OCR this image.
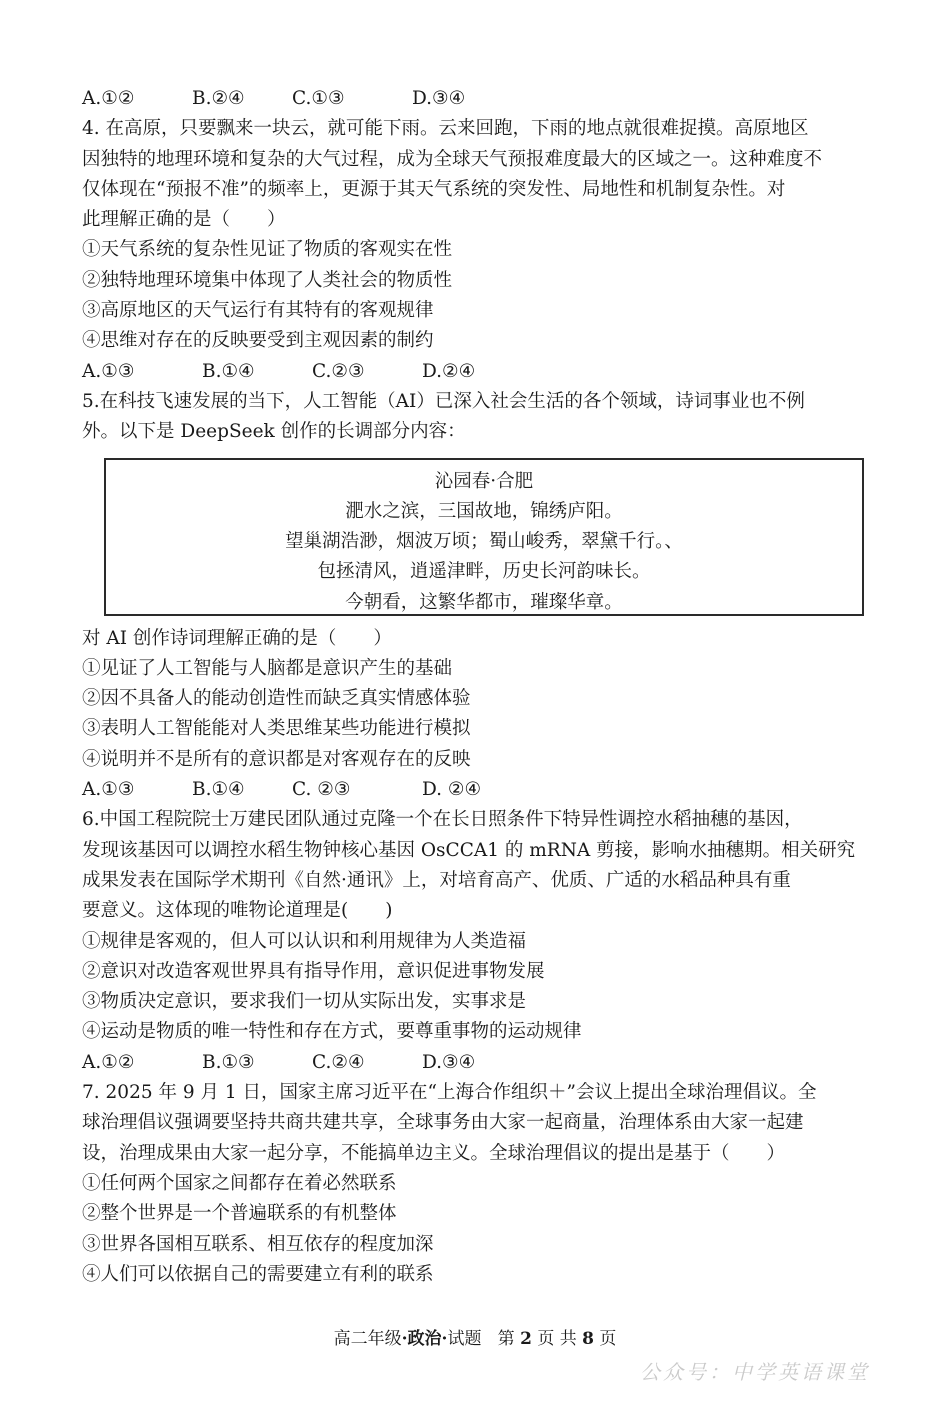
A.①②	B.②④	C.①③	D.③④
4. 在高原，只要飘来一块云，就可能下雨。云来回跑，下雨的地点就很难捉摸。高原地区
因独特的地理环境和复杂的大气过程，成为全球天气预报难度最大的区域之一。这种难度不
仅体现在“预报不准”的频率上，更源于其天气系统的突发性、局地性和机制复杂性。对
此理解正确的是（　　）
①天气系统的复杂性见证了物质的客观实在性
②独特地理环境集中体现了人类社会的物质性
③高原地区的天气运行有其特有的客观规律
④思维对存在的反映要受到主观因素的制约
A.①③	B.①④	C.②③	D.②④
5.在科技飞速发展的当下，人工智能（AI）已深入社会生活的各个领域，诗词事业也不例
外。以下是 DeepSeek 创作的长调部分内容：
沁园春·合肥
淝水之滨，三国故地，锦绣庐阳。
望巢湖浩渺，烟波万顷；蜀山峻秀，翠黛千行。、
包拯清风，逍遥津畔，历史长河韵味长。
今朝看，这繁华都市，璀璨华章。
对 AI 创作诗词理解正确的是（　　）
①见证了人工智能与人脑都是意识产生的基础
②因不具备人的能动创造性而缺乏真实情感体验
③表明人工智能能对人类思维某些功能进行模拟
④说明并不是所有的意识都是对客观存在的反映
A.①③	B.①④	C. ②③	D. ②④
6.中国工程院院士万建民团队通过克隆一个在长日照条件下特异性调控水稻抽穗的基因，
发现该基因可以调控水稻生物钟核心基因 OsCCA1 的 mRNA 剪接，影响水抽穗期。相关研究
成果发表在国际学术期刊《自然·通讯》上，对培育高产、优质、广适的水稻品种具有重
要意义。这体现的唯物论道理是(　　)
①规律是客观的，但人可以认识和利用规律为人类造福
②意识对改造客观世界具有指导作用，意识促进事物发展
③物质决定意识，要求我们一切从实际出发，实事求是
④运动是物质的唯一特性和存在方式，要尊重事物的运动规律
A.①②	B.①③	C.②④	D.③④
7. 2025 年 9 月 1 日，国家主席习近平在“上海合作组织＋”会议上提出全球治理倡议。全
球治理倡议强调要坚持共商共建共享，全球事务由大家一起商量，治理体系由大家一起建
设，治理成果由大家一起分享，不能搞单边主义。全球治理倡议的提出是基于（　　）
①任何两个国家之间都存在着必然联系
②整个世界是一个普遍联系的有机整体
③世界各国相互联系、相互依存的程度加深
④人们可以依据自己的需要建立有利的联系
高二年级·政治·试题 第 2 页 共 8 页
公众号：中学英语课堂
